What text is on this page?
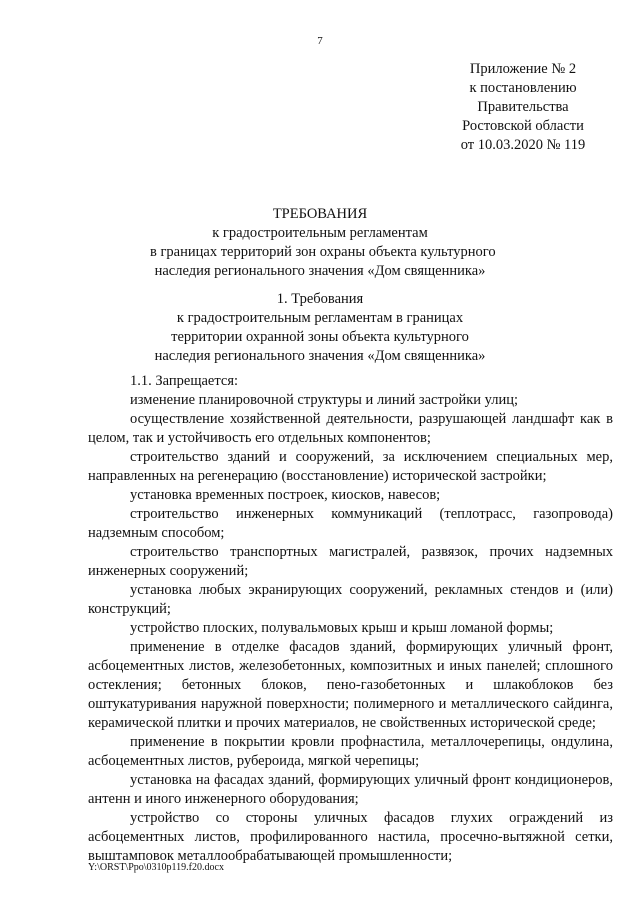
7
Приложение № 2
к постановлению
Правительства
Ростовской области
от 10.03.2020 № 119
ТРЕБОВАНИЯ
к градостроительным регламентам
в границах территорий зон охраны объекта культурного
наследия регионального значения «Дом священника»
1. Требования
к градостроительным регламентам в границах
территории охранной зоны объекта культурного
наследия регионального значения «Дом священника»

1.1. Запрещается:

изменение планировочной структуры и линий застройки улиц;

осуществление хозяйственной деятельности, разрушающей ландшафт как в целом, так и устойчивость его отдельных компонентов;

строительство зданий и сооружений, за исключением специальных мер, направленных на регенерацию (восстановление) исторической застройки;

установка временных построек, киосков, навесов;

строительство инженерных коммуникаций (теплотрасс, газопровода) надземным способом;

строительство транспортных магистралей, развязок, прочих надземных инженерных сооружений;

установка любых экранирующих сооружений, рекламных стендов и (или) конструкций;

устройство плоских, полувальмовых крыш и крыш ломаной формы;

применение в отделке фасадов зданий, формирующих уличный фронт, асбоцементных листов, железобетонных, композитных и иных панелей; сплошного остекления; бетонных блоков, пено-газобетонных и шлакоблоков без оштукатуривания наружной поверхности; полимерного и металлического сайдинга, керамической плитки и прочих материалов, не свойственных исторической среде;

применение в покрытии кровли профнастила, металлочерепицы, ондулина, асбоцементных листов, рубероида, мягкой черепицы;

установка на фасадах зданий, формирующих уличный фронт кондиционеров, антенн и иного инженерного оборудования;

устройство со стороны уличных фасадов глухих ограждений из асбоцементных листов, профилированного настила, просечно-вытяжной сетки, выштамповок металлообрабатывающей промышленности;

Y:\ORST\Ppo\0310p119.f20.docx
